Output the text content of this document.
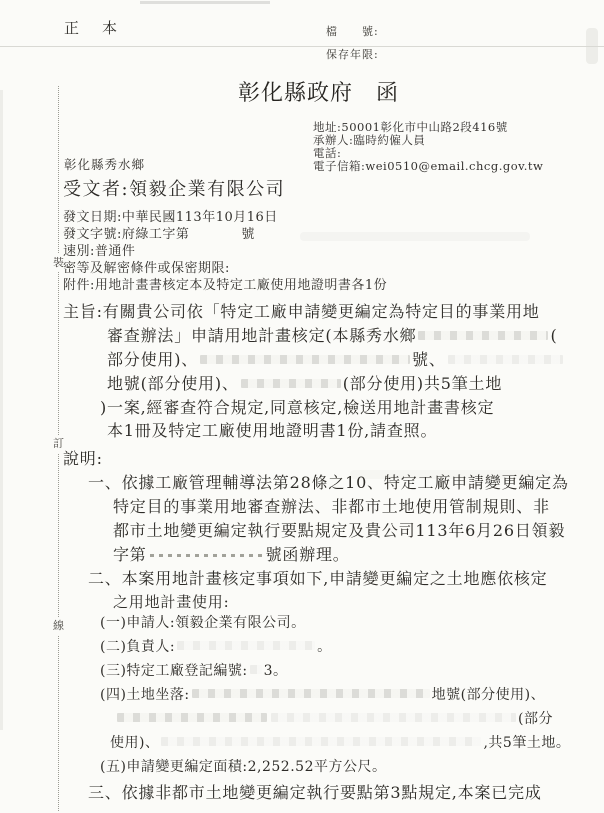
正　本	檔　　號:
保存年限:
彰化縣政府　函
裝
訂
線
地址:50001彰化市中山路2段416號
承辦人:臨時約僱人員
電話:
電子信箱:wei0510@email.chcg.gov.tw
彰化縣秀水鄉
受文者:領毅企業有限公司
發文日期:中華民國113年10月16日
發文字號:府綠工字第	號
速別:普通件
密等及解密條件或保密期限:
附件:用地計畫書核定本及特定工廠使用地證明書各1份
主旨:有關貴公司依「特定工廠申請變更編定為特定目的事業用地
審查辦法」申請用地計畫核定(本縣秀水鄉	(
部分使用)、	號、
地號(部分使用)、	(部分使用)共5筆土地
)一案,經審查符合規定,同意核定,檢送用地計畫書核定
本1冊及特定工廠使用地證明書1份,請查照。
說明:
一、依據工廠管理輔導法第28條之10、特定工廠申請變更編定為
特定目的事業用地審查辦法、非都市土地使用管制規則、非
都市土地變更編定執行要點規定及貴公司113年6月26日領毅
字第	號函辦理。
二、本案用地計畫核定事項如下,申請變更編定之土地應依核定
之用地計畫使用:
(一)申請人:領毅企業有限公司。
(二)負責人:	。
(三)特定工廠登記編號: 3。
(四)土地坐落:	地號(部分使用)、
(部分
使用)、	,共5筆土地。
(五)申請變更編定面積:2,252.52平方公尺。
三、依據非都市土地變更編定執行要點第3點規定,本案已完成
